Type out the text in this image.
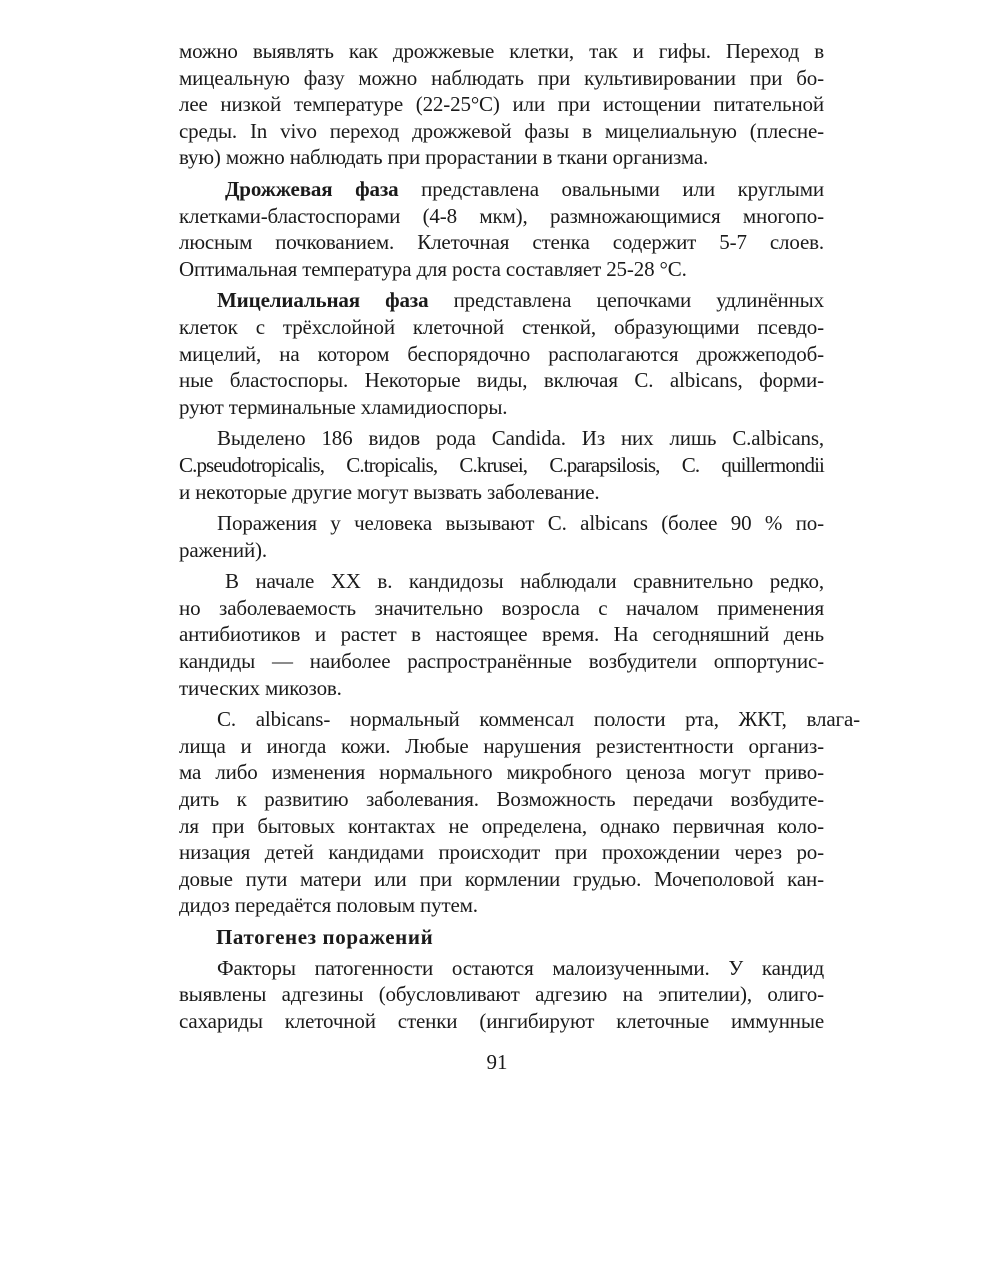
можно выявлять как дрожжевые клетки, так и гифы. Переход в
мицеальную фазу можно наблюдать при культивировании при бо-
лее низкой температуре (22-25°С) или при истощении питательной
среды. In vivo переход дрожжевой фазы в мицелиальную (плесне-
вую) можно наблюдать при прорастании в ткани организма.

Дрожжевая фаза представлена овальными или круглыми
клетками-бластоспорами (4-8 мкм), размножающимися многопо-
люсным почкованием. Клеточная стенка содержит 5-7 слоев.
Оптимальная температура для роста составляет 25-28 °С.

Мицелиальная фаза представлена цепочками удлинённых
клеток с трёхслойной клеточной стенкой, образующими псевдо-
мицелий, на котором беспорядочно располагаются дрожжеподоб-
ные бластоспоры. Некоторые виды, включая C. albicans, форми-
руют терминальные хламидиоспоры.

Выделено 186 видов рода Candida. Из них лишь C.albicans,
C.pseudotropicalis, C.tropicalis, C.krusei, C.parapsilosis, C. quillermondii
и некоторые другие могут вызвать заболевание.

Поражения у человека вызывают C. albicans (более 90 % по-
ражений).

В начале XX в. кандидозы наблюдали сравнительно редко,
но заболеваемость значительно возросла с началом применения
антибиотиков и растет в настоящее время. На сегодняшний день
кандиды — наиболее распространённые возбудители оппортунис-
тических микозов.

C. albicans- нормальный комменсал полости рта, ЖКТ, влага-
лища и иногда кожи. Любые нарушения резистентности организ-
ма либо изменения нормального микробного ценоза могут приво-
дить к развитию заболевания. Возможность передачи возбудите-
ля при бытовых контактах не определена, однако первичная коло-
низация детей кандидами происходит при прохождении через ро-
довые пути матери или при кормлении грудью. Мочеполовой кан-
дидоз передаётся половым путем.

Патогенез поражений

Факторы патогенности остаются малоизученными. У кандид
выявлены адгезины (обусловливают адгезию на эпителии), олиго-
сахариды клеточной стенки (ингибируют клеточные иммунные

91
